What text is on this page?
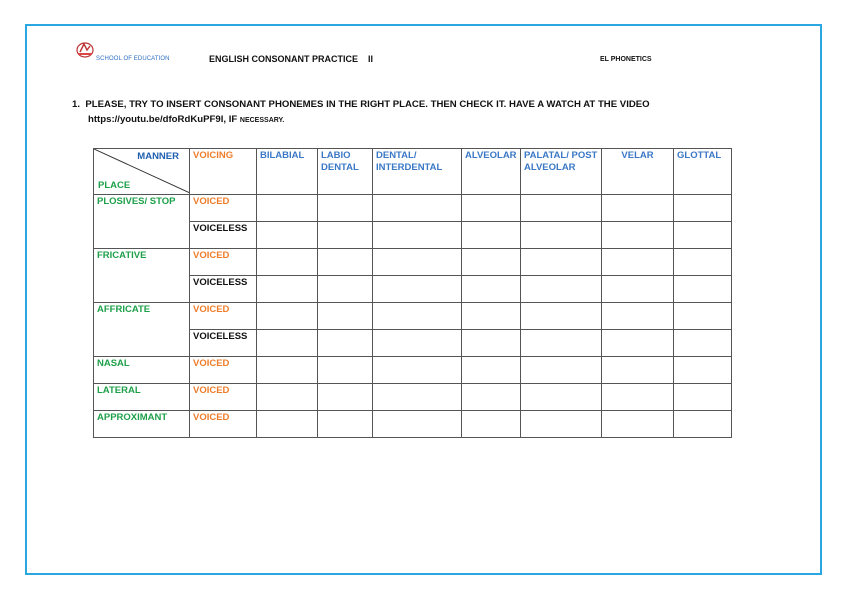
SCHOOL OF EDUCATION	ENGLISH CONSONANT PRACTICE II	EL PHONETICS
1. PLEASE, TRY TO INSERT CONSONANT PHONEMES IN THE RIGHT PLACE. THEN CHECK IT. HAVE A WATCH AT THE VIDEO
https://youtu.be/dfoRdKuPF9I, IF NECESSARY.
MANNER
PLACE	VOICING	BILABIAL	LABIO DENTAL	DENTAL/ INTERDENTAL	ALVEOLAR	PALATAL/ POST ALVEOLAR	VELAR	GLOTTAL
PLOSIVES/ STOP	VOICED							
	VOICELESS							
FRICATIVE	VOICED							
	VOICELESS							
AFFRICATE	VOICED							
	VOICELESS							
NASAL	VOICED							
LATERAL	VOICED							
APPROXIMANT	VOICED							
